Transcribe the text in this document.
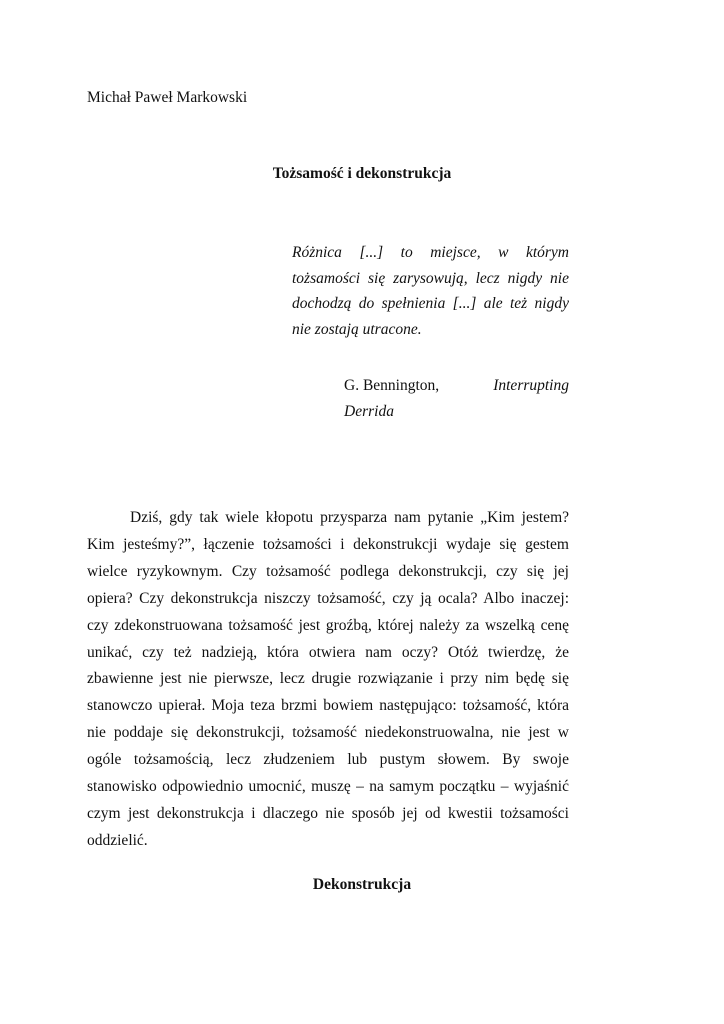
Michał Paweł Markowski
Tożsamość i dekonstrukcja
Różnica [...] to miejsce, w którym tożsamości się zarysowują, lecz nigdy nie dochodzą do spełnienia [...] ale też nigdy nie zostają utracone.
G. Bennington,	Interrupting
Derrida

Dziś, gdy tak wiele kłopotu przysparza nam pytanie „Kim jestem? Kim jesteśmy?”, łączenie tożsamości i dekonstrukcji wydaje się gestem wielce ryzykownym. Czy tożsamość podlega dekonstrukcji, czy się jej opiera? Czy dekonstrukcja niszczy tożsamość, czy ją ocala? Albo inaczej: czy zdekonstruowana tożsamość jest groźbą, której należy za wszelką cenę unikać, czy też nadzieją, która otwiera nam oczy? Otóż twierdzę, że zbawienne jest nie pierwsze, lecz drugie rozwiązanie i przy nim będę się stanowczo upierał. Moja teza brzmi bowiem następująco: tożsamość, która nie poddaje się dekonstrukcji, tożsamość niedekonstruowalna, nie jest w ogóle tożsamością, lecz złudzeniem lub pustym słowem. By swoje stanowisko odpowiednio umocnić, muszę – na samym początku – wyjaśnić czym jest dekonstrukcja i dlaczego nie sposób jej od kwestii tożsamości oddzielić.

Dekonstrukcja
